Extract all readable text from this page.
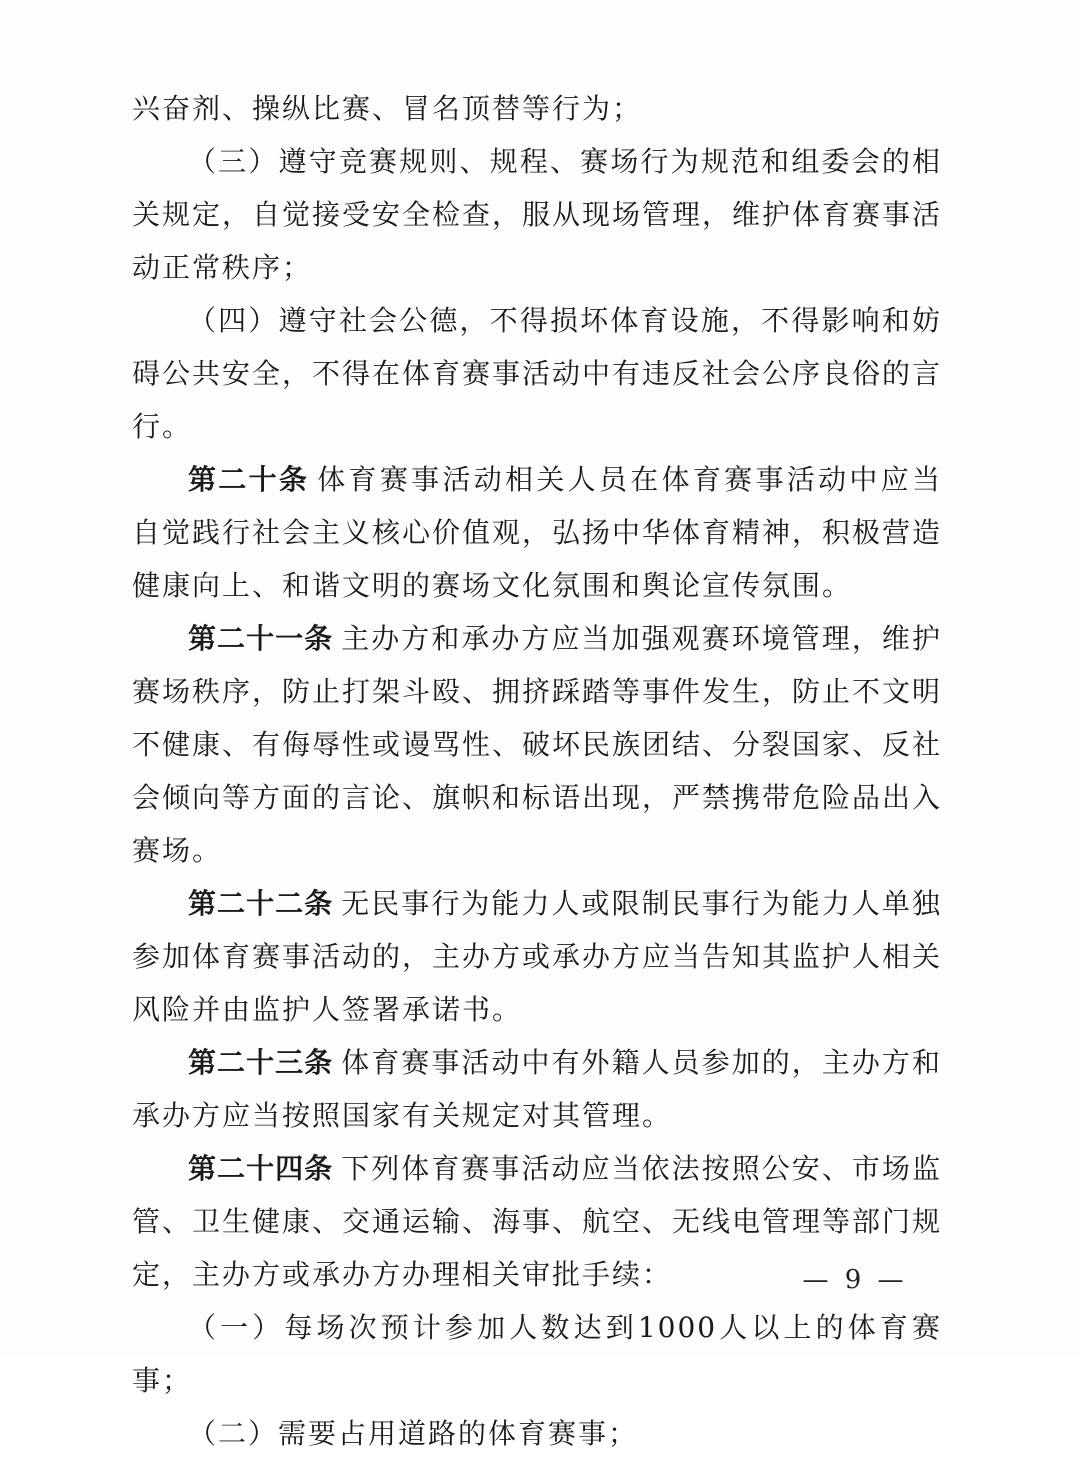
兴奋剂、操纵比赛、冒名顶替等行为；

（三）遵守竞赛规则、规程、赛场行为规范和组委会的相关规定，自觉接受安全检查，服从现场管理，维护体育赛事活动正常秩序；

（四）遵守社会公德，不得损坏体育设施，不得影响和妨碍公共安全，不得在体育赛事活动中有违反社会公序良俗的言行。

第二十条 体育赛事活动相关人员在体育赛事活动中应当自觉践行社会主义核心价值观，弘扬中华体育精神，积极营造健康向上、和谐文明的赛场文化氛围和舆论宣传氛围。

第二十一条 主办方和承办方应当加强观赛环境管理，维护赛场秩序，防止打架斗殴、拥挤踩踏等事件发生，防止不文明不健康、有侮辱性或谩骂性、破坏民族团结、分裂国家、反社会倾向等方面的言论、旗帜和标语出现，严禁携带危险品出入赛场。

第二十二条 无民事行为能力人或限制民事行为能力人单独参加体育赛事活动的，主办方或承办方应当告知其监护人相关风险并由监护人签署承诺书。

第二十三条 体育赛事活动中有外籍人员参加的，主办方和承办方应当按照国家有关规定对其管理。

第二十四条 下列体育赛事活动应当依法按照公安、市场监管、卫生健康、交通运输、海事、航空、无线电管理等部门规定，主办方或承办方办理相关审批手续：

（一）每场次预计参加人数达到1000人以上的体育赛事；

（二）需要占用道路的体育赛事；

— 9 —
